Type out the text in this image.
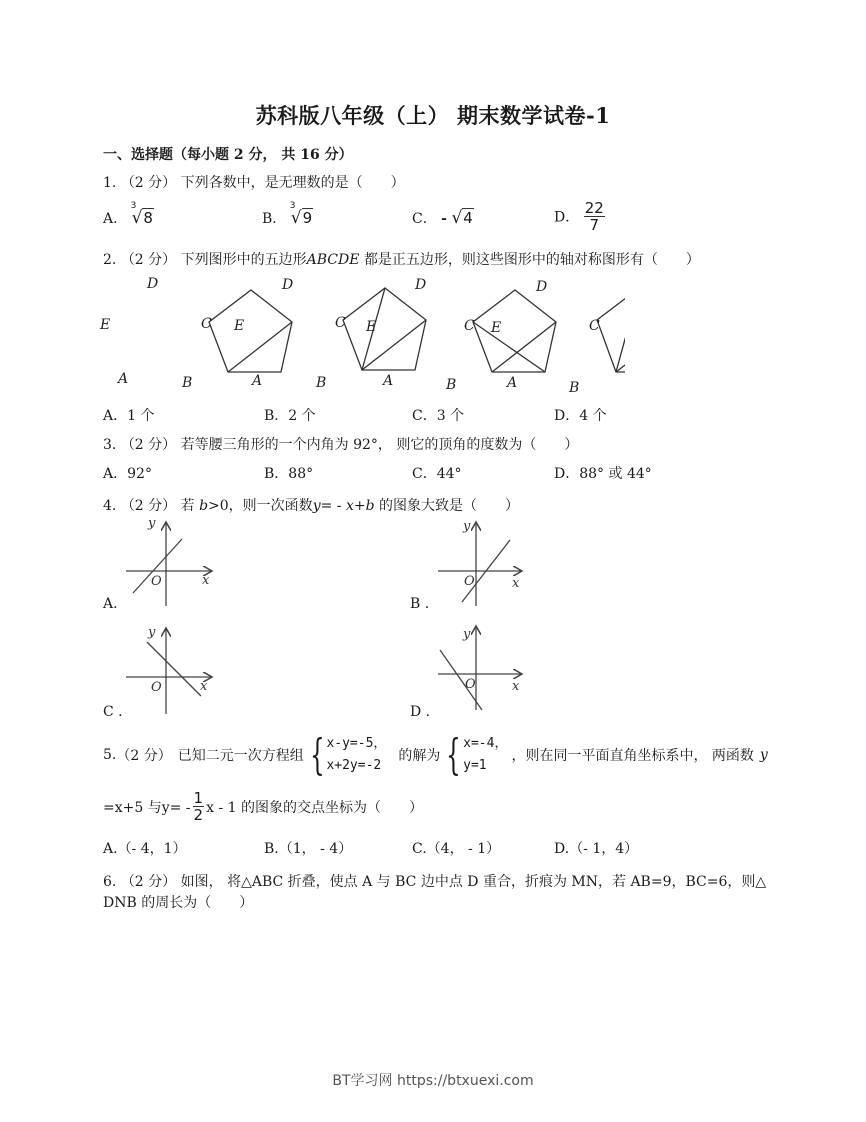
苏科版八年级（上） 期末数学试卷-1
一、选择题（每小题 2 分， 共 16 分）
1. （2 分） 下列各数中，是无理数的是（　　）
A．
3
√8	B．
3
√9	C． - √4	D． $\frac{22}{7}$
2. （2 分） 下列图形中的五边形ABCDE 都是正五边形，则这些图形中的轴对称图形有（　　）
D
C
E
A	B
D
C
E
A	B
D
C
E
A	B
D
C
E
A	B
A．1 个	B．2 个	C．3 个	D．4 个
3. （2 分） 若等腰三角形的一个内角为 92°， 则它的顶角的度数为（　　）
A．92°	B．88°	C．44°	D．88° 或 44°
4. （2 分） 若 b>0，则一次函数y= - x+b 的图象大致是（　　）
y
x
O
A.
y
x
O
B .
y
x
O
C .
y
x
O
D .
5. （2 分） 已知二元一次方程组 { x-y=-5，
x+2y=-2
的解为 { x=-4，
y=1
，则在同一平面直角坐标系中， 两函数 y
=x+5 与$y= - \frac{1}{2}$ x - 1 的图象的交点坐标为（　　）
A.（- 4，1）	B.（1， - 4）	C.（4， - 1）	D.（- 1，4）
6. （2 分） 如图， 将△ABC 折叠，使点 A 与 BC 边中点 D 重合，折痕为 MN，若 AB=9，BC=6，则△
DNB 的周长为（　　）
BT学习网 https://btxuexi.com
